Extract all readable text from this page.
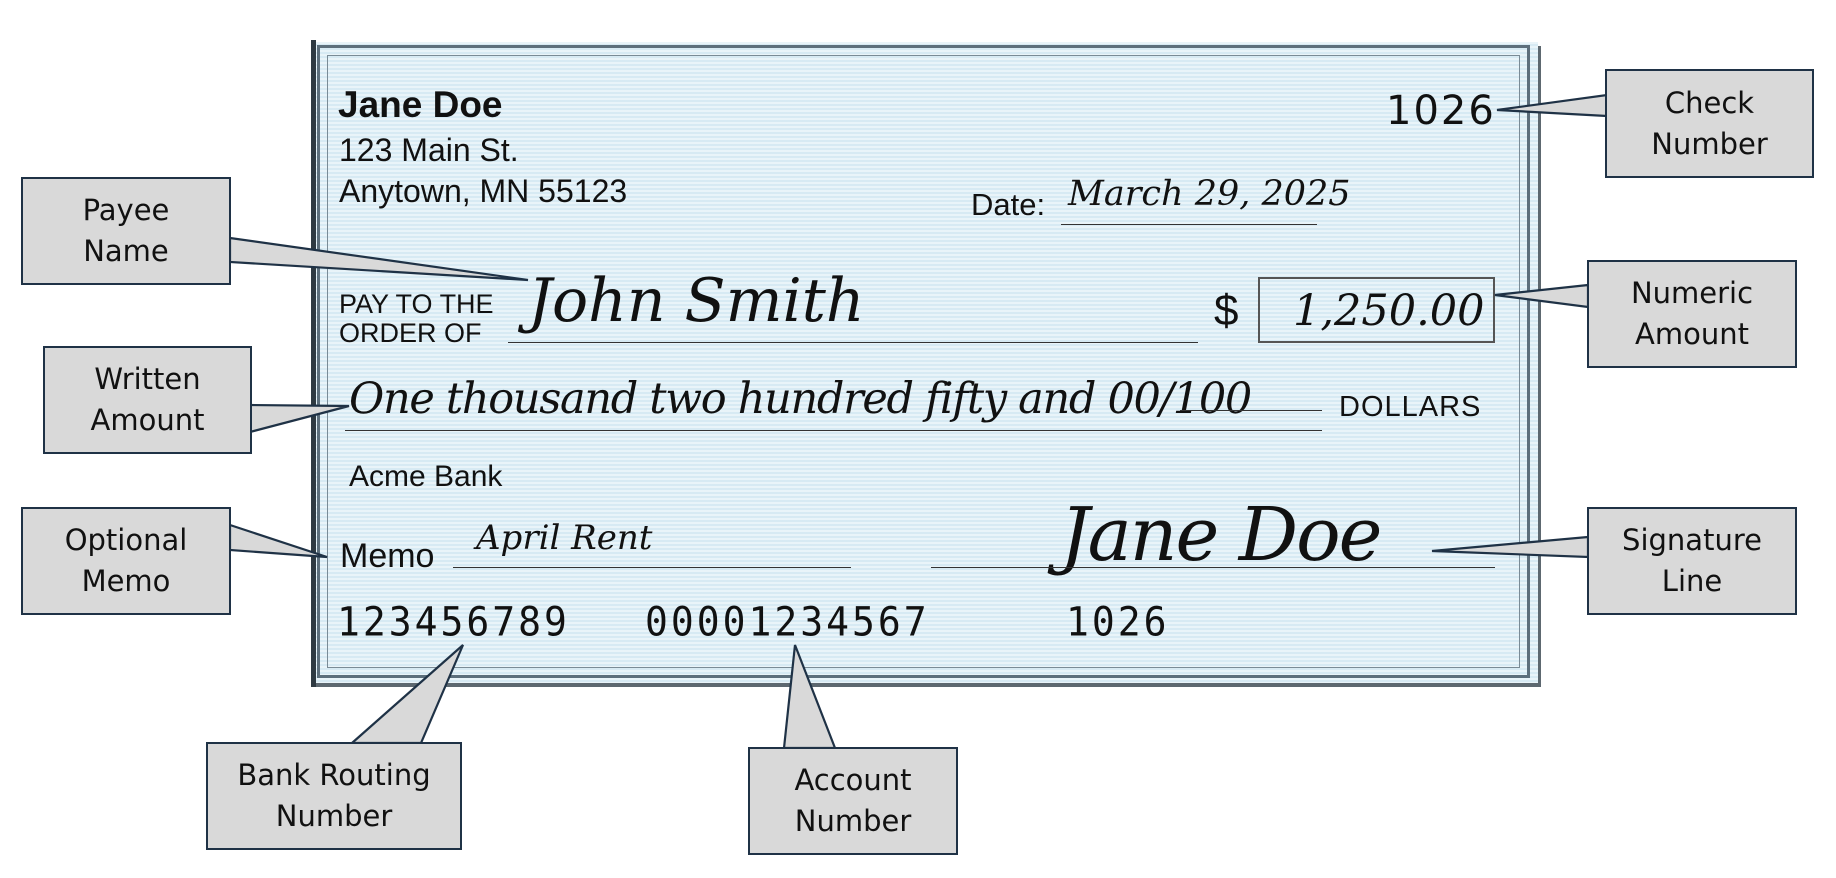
Jane Doe
123 Main St.
Anytown, MN 55123
1026
Date: March 29, 2025
PAY TO THE
ORDER OF John Smith	$ 1,250.00
One thousand two hundred fifty and 00/100	DOLLARS
Acme Bank
Memo April Rent	Jane Doe
123456789 00001234567	1026
Check
Number
Payee
Name
Numeric
Amount
Written
Amount
Optional
Memo
Signature
Line
Bank Routing
Number
Account
Number
